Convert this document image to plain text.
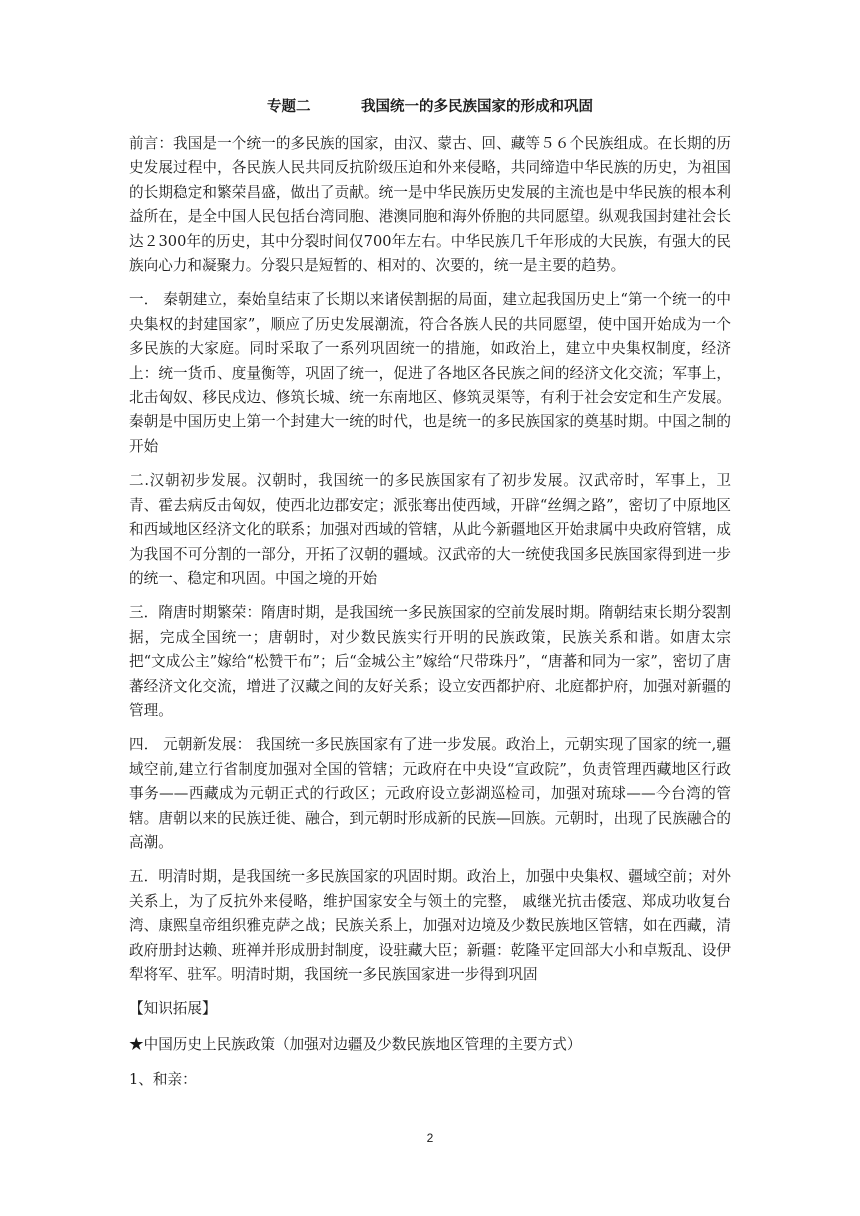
专题二          我国统一的多民族国家的形成和巩固

前言：我国是一个统一的多民族的国家，由汉、蒙古、回、藏等５６个民族组成。在长期的历史发展过程中，各民族人民共同反抗阶级压迫和外来侵略，共同缔造中华民族的历史，为祖国的长期稳定和繁荣昌盛，做出了贡献。统一是中华民族历史发展的主流也是中华民族的根本利益所在，是全中国人民包括台湾同胞、港澳同胞和海外侨胞的共同愿望。纵观我国封建社会长达２300年的历史，其中分裂时间仅700年左右。中华民族几千年形成的大民族，有强大的民族向心力和凝聚力。分裂只是短暂的、相对的、次要的，统一是主要的趋势。

一． 秦朝建立，秦始皇结束了长期以来诸侯割据的局面，建立起我国历史上“第一个统一的中央集权的封建国家”，顺应了历史发展潮流，符合各族人民的共同愿望，使中国开始成为一个多民族的大家庭。同时采取了一系列巩固统一的措施，如政治上，建立中央集权制度，经济上：统一货币、度量衡等，巩固了统一，促进了各地区各民族之间的经济文化交流；军事上，北击匈奴、移民戍边、修筑长城、统一东南地区、修筑灵渠等，有利于社会安定和生产发展。秦朝是中国历史上第一个封建大一统的时代，也是统一的多民族国家的奠基时期。中国之制的开始

二.汉朝初步发展。汉朝时，我国统一的多民族国家有了初步发展。汉武帝时，军事上，卫青、霍去病反击匈奴，使西北边郡安定；派张骞出使西域，开辟“丝绸之路”，密切了中原地区和西域地区经济文化的联系；加强对西域的管辖，从此今新疆地区开始隶属中央政府管辖，成为我国不可分割的一部分，开拓了汉朝的疆域。汉武帝的大一统使我国多民族国家得到进一步的统一、稳定和巩固。中国之境的开始

三．隋唐时期繁荣：隋唐时期，是我国统一多民族国家的空前发展时期。隋朝结束长期分裂割据，完成全国统一；唐朝时，对少数民族实行开明的民族政策，民族关系和谐。如唐太宗把“文成公主”嫁给“松赞干布”；后“金城公主”嫁给“尺带珠丹”，“唐蕃和同为一家”，密切了唐蕃经济文化交流，增进了汉藏之间的友好关系；设立安西都护府、北庭都护府，加强对新疆的管理。

四． 元朝新发展： 我国统一多民族国家有了进一步发展。政治上，元朝实现了国家的统一,疆域空前,建立行省制度加强对全国的管辖；元政府在中央设“宣政院”，负责管理西藏地区行政事务——西藏成为元朝正式的行政区；元政府设立彭湖巡检司，加强对琉球——今台湾的管辖。唐朝以来的民族迁徙、融合，到元朝时形成新的民族—回族。元朝时，出现了民族融合的高潮。

五．明清时期，是我国统一多民族国家的巩固时期。政治上，加强中央集权、疆域空前；对外关系上，为了反抗外来侵略，维护国家安全与领土的完整， 戚继光抗击倭寇、郑成功收复台湾、康熙皇帝组织雅克萨之战；民族关系上，加强对边境及少数民族地区管辖，如在西藏，清政府册封达赖、班禅并形成册封制度，设驻藏大臣；新疆：乾隆平定回部大小和卓叛乱、设伊犁将军、驻军。明清时期，我国统一多民族国家进一步得到巩固

【知识拓展】

★中国历史上民族政策（加强对边疆及少数民族地区管理的主要方式）

1、和亲：

2
